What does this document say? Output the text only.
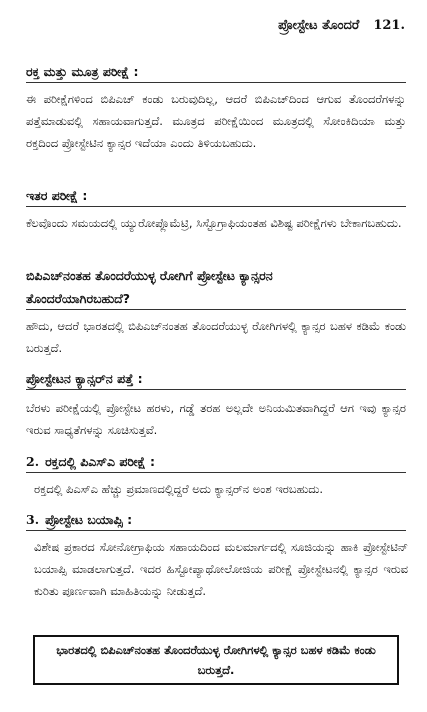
ಪ್ರೋಸ್ಟೇಟ ತೊಂದರೆ 121.
ರಕ್ತ ಮತ್ತು ಮೂತ್ರ ಪರೀಕ್ಷೆ :
ಈ ಪರೀಕ್ಷೆಗಳಿಂದ ಬಿಪಿಎಚ್ ಕಂಡು ಬರುವುದಿಲ್ಲ, ಆದರೆ ಬಿಪಿಎಚ್‌ದಿಂದ ಆಗುವ ತೊಂದರೆಗಳನ್ನು ಪತ್ತೆಮಾಡುವಲ್ಲಿ ಸಹಾಯವಾಗುತ್ತದೆ. ಮೂತ್ರದ ಪರೀಕ್ಷೆಯಿಂದ ಮೂತ್ರದಲ್ಲಿ ಸೋಂಕಿದಿಯಾ ಮತ್ತು ರಕ್ತದಿಂದ ಪ್ರೋಸ್ಟೇಟಿನ ಕ್ಯಾನ್ಸರ ಇದೆಯಾ ಎಂದು ತಿಳಿಯಬಹುದು.
ಇತರ ಪರೀಕ್ಷೆ :
ಕೆಲವೊಂದು ಸಮಯದಲ್ಲಿ ಯ್ಯುರೋಪ್ಲೊಮೆಟ್ರಿ, ಸಿಸ್ಟೊಗ್ರಾಫಿಯಂತಹ ವಿಶಿಷ್ಟ ಪರೀಕ್ಷೆಗಳು ಬೇಕಾಗಬಹುದು.
ಬಿಪಿಎಚ್‌ನಂತಹ ತೊಂದರೆಯುಳ್ಳ ರೋಗಿಗೆ ಪ್ರೋಸ್ಟೇಟ ಕ್ಯಾನ್ಸರನ
ತೊಂದರೆಯಾಗಿರಬಹುದೆ?
ಹೌದು, ಆದರೆ ಭಾರತದಲ್ಲಿ ಬಿಪಿಎಚ್‌ನಂತಹ ತೊಂದರೆಯುಳ್ಳ ರೋಗಿಗಳಲ್ಲಿ ಕ್ಯಾನ್ಸರ ಬಹಳ ಕಡಿಮೆ ಕಂಡು ಬರುತ್ತದೆ.
ಪ್ರೋಸ್ಟೇಟನ ಕ್ಯಾನ್ಸರ್‌ನ ಪತ್ತೆ :
ಬೆರಳು ಪರೀಕ್ಷೆಯಲ್ಲಿ ಪ್ರೋಸ್ಟೇಟ ಹರಳು, ಗಡ್ಡೆ ತರಹ ಅಲ್ಲದೇ ಅನಿಯಮಿತವಾಗಿದ್ದರೆ ಆಗ ಇವು ಕ್ಯಾನ್ಸರ ಇರುವ ಸಾಧ್ಯತೆಗಳನ್ನು ಸೂಚಿಸುತ್ತವೆ.
2. ರಕ್ತದಲ್ಲಿ ಪಿಎಸ್‌ಎ ಪರೀಕ್ಷೆ :
ರಕ್ತದಲ್ಲಿ ಪಿಎಸ್‌ಎ ಹೆಚ್ಚು ಪ್ರಮಾಣದಲ್ಲಿದ್ದರೆ ಅದು ಕ್ಯಾನ್ಸರ್‌ನ ಅಂಶ ಇರಬಹುದು.
3. ಪ್ರೋಸ್ಟೇಟ ಬಯಾಪ್ಸಿ :
ವಿಶೇಷ ಪ್ರಕಾರದ ಸೋನೋಗ್ರಾಫಿಯ ಸಹಾಯದಿಂದ ಮಲಮಾರ್ಗದಲ್ಲಿ ಸೂಜಿಯನ್ನು ಹಾಕಿ ಪ್ರೋಸ್ಟೇಟಿನ್ ಬಯಾಪ್ಸಿ ಮಾಡಲಾಗುತ್ತದೆ. ಇದರ ಹಿಸ್ಟೋಪ್ಯಾಥೋಲೋಜಿಯ ಪರೀಕ್ಷೆ ಪ್ರೋಸ್ಟೇಟನಲ್ಲಿ ಕ್ಯಾನ್ಸರ ಇರುವ ಕುರಿತು ಪೂರ್ಣವಾಗಿ ಮಾಹಿತಿಯನ್ನು ನೀಡುತ್ತದೆ.
ಭಾರತದಲ್ಲಿ ಬಿಪಿಎಚ್‌ನಂತಹ ತೊಂದರೆಯುಳ್ಳ ರೋಗಿಗಳಲ್ಲಿ ಕ್ಯಾನ್ಸರ ಬಹಳ ಕಡಿಮೆ ಕಂಡು ಬರುತ್ತದೆ.
